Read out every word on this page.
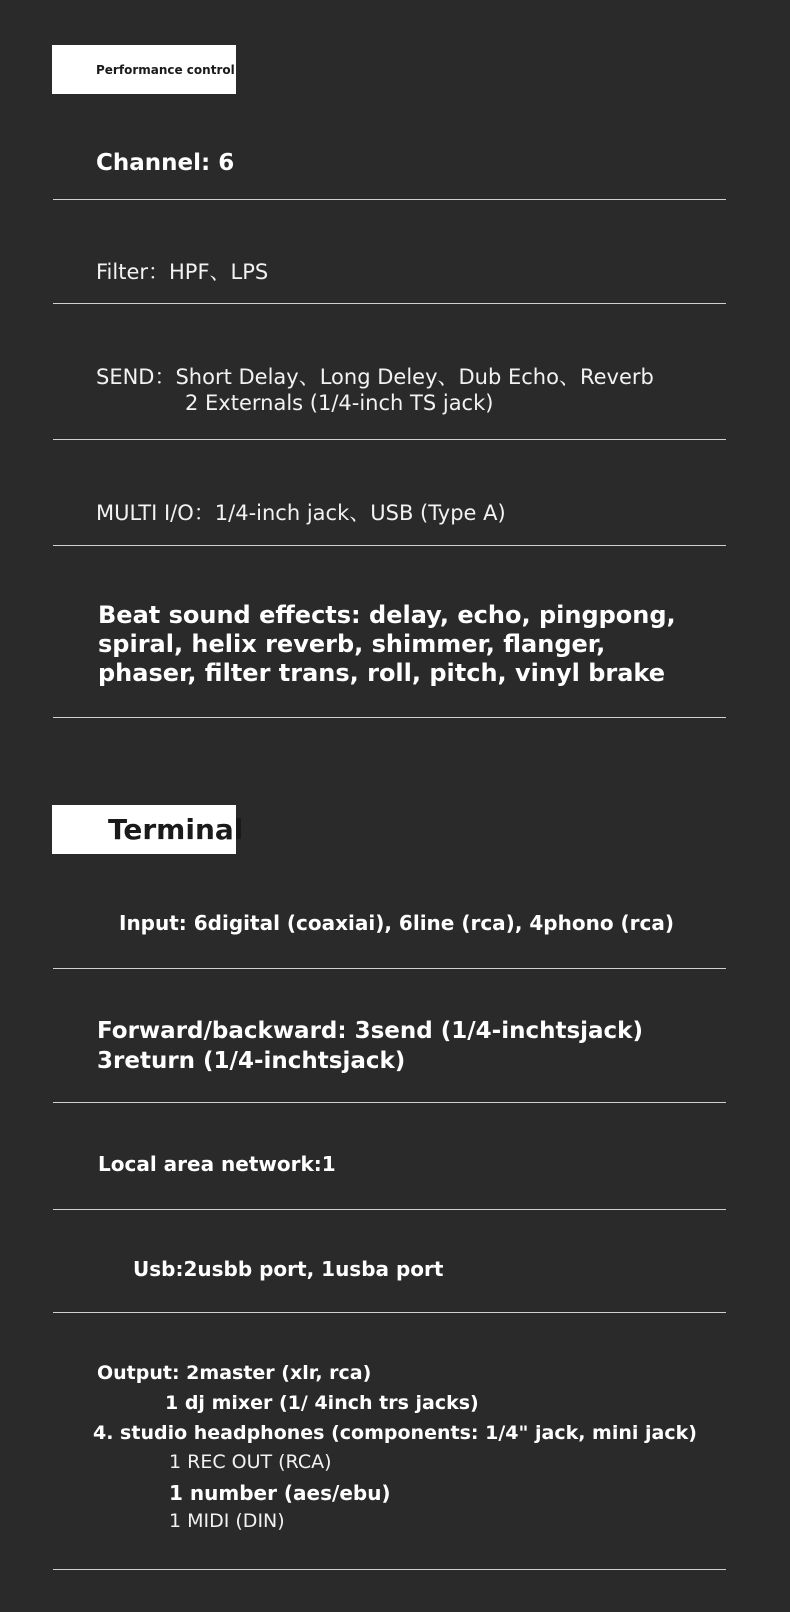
Performance control
Channel: 6
Filter：HPF、LPS
SEND：Short Delay、Long Deley、Dub Echo、Reverb
2 Externals (1/4-inch TS jack)
MULTI I/O：1/4-inch jack、USB (Type A)
Beat sound effects: delay, echo, pingpong,
spiral, helix reverb, shimmer, flanger,
phaser, filter trans, roll, pitch, vinyl brake
Terminal
Input: 6digital (coaxiai), 6line (rca), 4phono (rca)
Forward/backward: 3send (1/4-inchtsjack)
3return (1/4-inchtsjack)
Local area network:1
Usb:2usbb port, 1usba port
Output: 2master (xlr, rca)
1 dj mixer (1/ 4inch trs jacks)
4. studio headphones (components: 1/4" jack, mini jack)
1 REC OUT (RCA)
1 number (aes/ebu)
1 MIDI (DIN)
